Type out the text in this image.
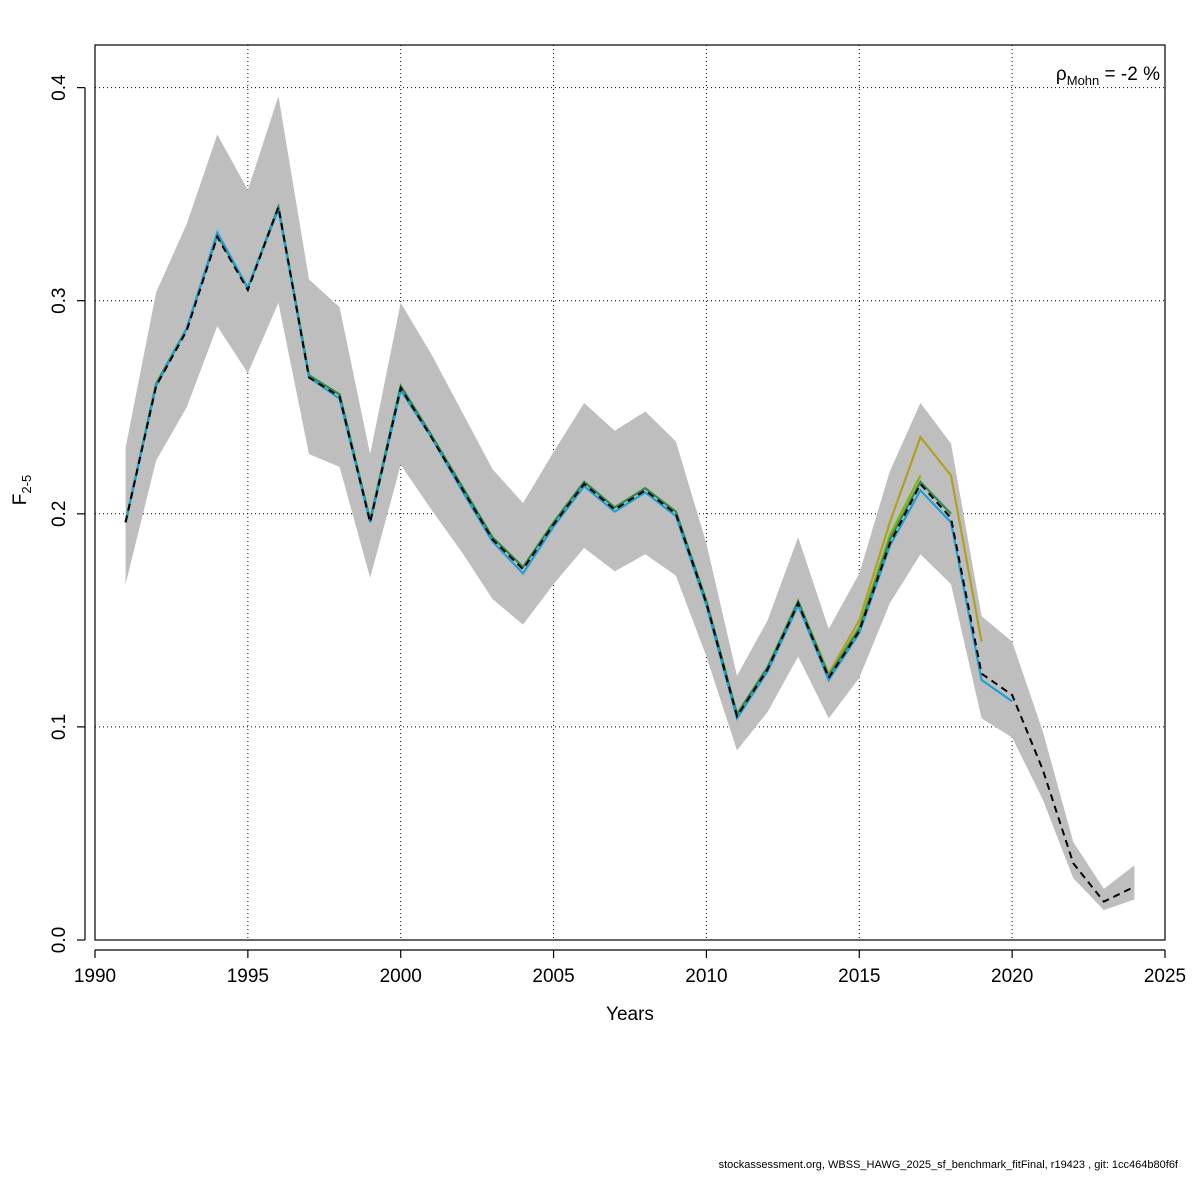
1990	1995	2000	2005	2010	2015	2020	2025
0.0
0.1
0.2
0.3
0.4
Years
$F_{2-5}$
$\rho_{Mohn} = -2$ %
stockassessment.org, WBSS_HAWG_2025_sf_benchmark_fitFinal, r19423 , git: 1cc464b80f6f
